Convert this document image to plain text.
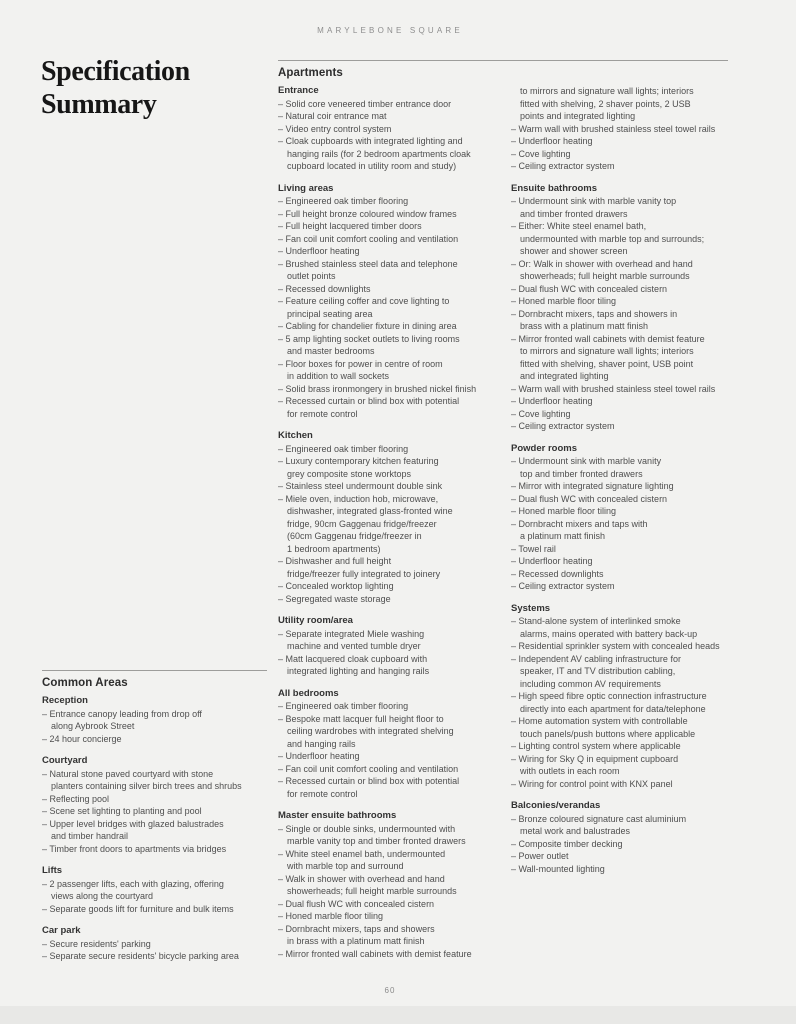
MARYLEBONE SQUARE
Specification
Summary
Apartments
Entrance
– Solid core veneered timber entrance door
– Natural coir entrance mat
– Video entry control system
– Cloak cupboards with integrated lighting and
hanging rails (for 2 bedroom apartments cloak
cupboard located in utility room and study)
Living areas
– Engineered oak timber flooring
– Full height bronze coloured window frames
– Full height lacquered timber doors
– Fan coil unit comfort cooling and ventilation
– Underfloor heating
– Brushed stainless steel data and telephone
outlet points
– Recessed downlights
– Feature ceiling coffer and cove lighting to
principal seating area
– Cabling for chandelier fixture in dining area
– 5 amp lighting socket outlets to living rooms
and master bedrooms
– Floor boxes for power in centre of room
in addition to wall sockets
– Solid brass ironmongery in brushed nickel finish
– Recessed curtain or blind box with potential
for remote control
Kitchen
– Engineered oak timber flooring
– Luxury contemporary kitchen featuring
grey composite stone worktops
– Stainless steel undermount double sink
– Miele oven, induction hob, microwave,
dishwasher, integrated glass-fronted wine
fridge, 90cm Gaggenau fridge/freezer
(60cm Gaggenau fridge/freezer in
1 bedroom apartments)
– Dishwasher and full height
fridge/freezer fully integrated to joinery
– Concealed worktop lighting
– Segregated waste storage
Utility room/area
– Separate integrated Miele washing
machine and vented tumble dryer
– Matt lacquered cloak cupboard with
integrated lighting and hanging rails
All bedrooms
– Engineered oak timber flooring
– Bespoke matt lacquer full height floor to
ceiling wardrobes with integrated shelving
and hanging rails
– Underfloor heating
– Fan coil unit comfort cooling and ventilation
– Recessed curtain or blind box with potential
for remote control
Master ensuite bathrooms
– Single or double sinks, undermounted with
marble vanity top and timber fronted drawers
– White steel enamel bath, undermounted
with marble top and surround
– Walk in shower with overhead and hand
showerheads; full height marble surrounds
– Dual flush WC with concealed cistern
– Honed marble floor tiling
– Dornbracht mixers, taps and showers
in brass with a platinum matt finish
– Mirror fronted wall cabinets with demist feature
to mirrors and signature wall lights; interiors
fitted with shelving, 2 shaver points, 2 USB
points and integrated lighting
– Warm wall with brushed stainless steel towel rails
– Underfloor heating
– Cove lighting
– Ceiling extractor system
Ensuite bathrooms
– Undermount sink with marble vanity top
and timber fronted drawers
– Either: White steel enamel bath,
undermounted with marble top and surrounds;
shower and shower screen
– Or: Walk in shower with overhead and hand
showerheads; full height marble surrounds
– Dual flush WC with concealed cistern
– Honed marble floor tiling
– Dornbracht mixers, taps and showers in
brass with a platinum matt finish
– Mirror fronted wall cabinets with demist feature
to mirrors and signature wall lights; interiors
fitted with shelving, shaver point, USB point
and integrated lighting
– Warm wall with brushed stainless steel towel rails
– Underfloor heating
– Cove lighting
– Ceiling extractor system
Powder rooms
– Undermount sink with marble vanity
top and timber fronted drawers
– Mirror with integrated signature lighting
– Dual flush WC with concealed cistern
– Honed marble floor tiling
– Dornbracht mixers and taps with
a platinum matt finish
– Towel rail
– Underfloor heating
– Recessed downlights
– Ceiling extractor system
Systems
– Stand-alone system of interlinked smoke
alarms, mains operated with battery back-up
– Residential sprinkler system with concealed heads
– Independent AV cabling infrastructure for
speaker, IT and TV distribution cabling,
including common AV requirements
– High speed fibre optic connection infrastructure
directly into each apartment for data/telephone
– Home automation system with controllable
touch panels/push buttons where applicable
– Lighting control system where applicable
– Wiring for Sky Q in equipment cupboard
with outlets in each room
– Wiring for control point with KNX panel
Balconies/verandas
– Bronze coloured signature cast aluminium
metal work and balustrades
– Composite timber decking
– Power outlet
– Wall-mounted lighting
Common Areas
Reception
– Entrance canopy leading from drop off
along Aybrook Street
– 24 hour concierge
Courtyard
– Natural stone paved courtyard with stone
planters containing silver birch trees and shrubs
– Reflecting pool
– Scene set lighting to planting and pool
– Upper level bridges with glazed balustrades
and timber handrail
– Timber front doors to apartments via bridges
Lifts
– 2 passenger lifts, each with glazing, offering
views along the courtyard
– Separate goods lift for furniture and bulk items
Car park
– Secure residents' parking
– Separate secure residents' bicycle parking area
60
